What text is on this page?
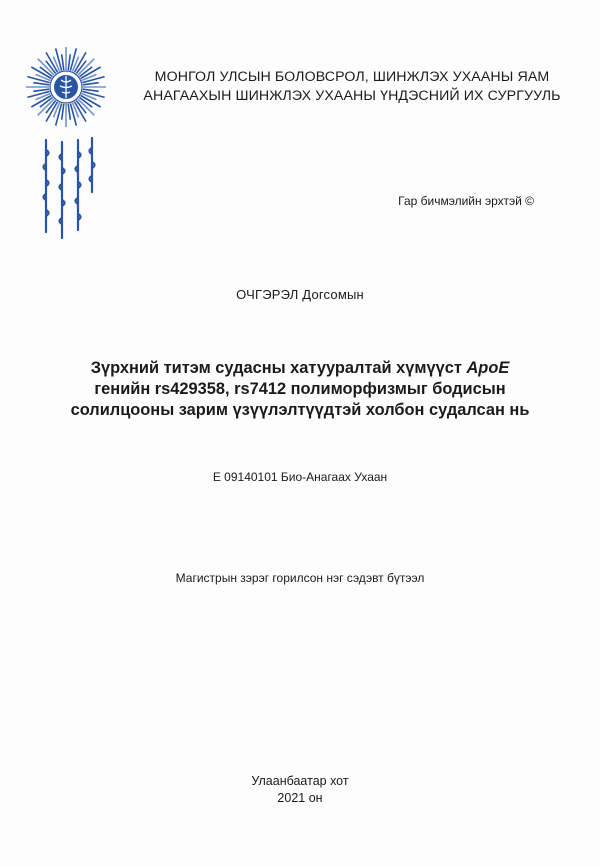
МОНГОЛ УЛСЫН БОЛОВСРОЛ, ШИНЖЛЭХ УХААНЫ ЯАМ
АНАГААХЫН ШИНЖЛЭХ УХААНЫ ҮНДЭСНИЙ ИХ СУРГУУЛЬ
Гар бичмэлийн эрхтэй ©
ОЧГЭРЭЛ Догсомын
Зүрхний титэм судасны хатууралтай хүмүүст ApoE
генийн rs429358, rs7412 полиморфизмыг бодисын
солилцооны зарим үзүүлэлтүүдтэй холбон судалсан нь
E 09140101 Био-Анагаах Ухаан
Магистрын зэрэг горилсон нэг сэдэвт бүтээл
Улаанбаатар хот
2021 он
